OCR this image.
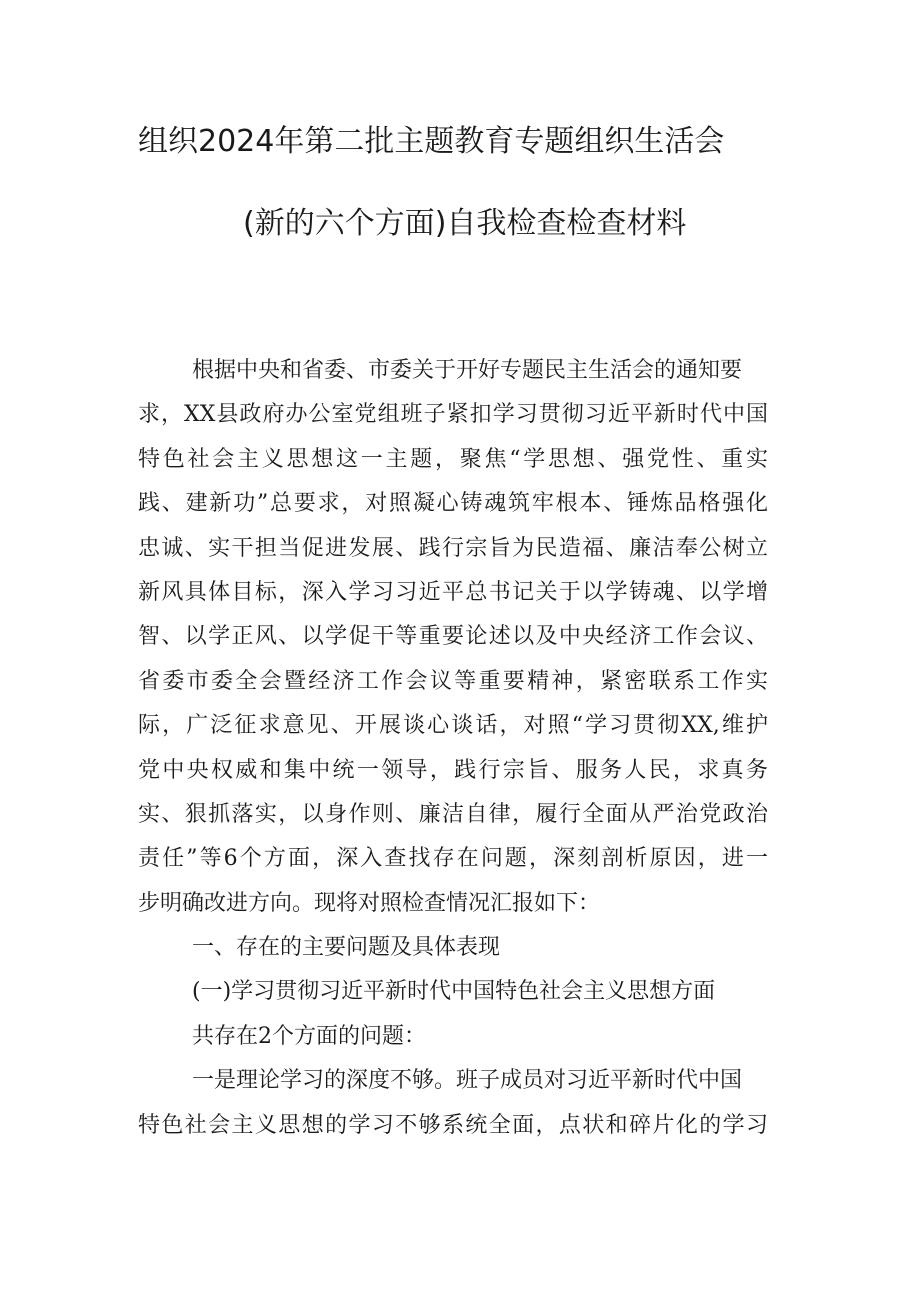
组织2024年第二批主题教育专题组织生活会
(新的六个方面)自我检查检查材料
根据中央和省委、市委关于开好专题民主生活会的通知要
求，XX县政府办公室党组班子紧扣学习贯彻习近平新时代中国
特色社会主义思想这一主题，聚焦“学思想、强党性、重实
践、建新功”总要求，对照凝心铸魂筑牢根本、锤炼品格强化
忠诚、实干担当促进发展、践行宗旨为民造福、廉洁奉公树立
新风具体目标，深入学习习近平总书记关于以学铸魂、以学增
智、以学正风、以学促干等重要论述以及中央经济工作会议、
省委市委全会暨经济工作会议等重要精神，紧密联系工作实
际，广泛征求意见、开展谈心谈话，对照“学习贯彻XX,维护
党中央权威和集中统一领导，践行宗旨、服务人民，求真务
实、狠抓落实，以身作则、廉洁自律，履行全面从严治党政治
责任”等6个方面，深入查找存在问题，深刻剖析原因，进一
步明确改进方向。现将对照检查情况汇报如下：
一、存在的主要问题及具体表现
(一)学习贯彻习近平新时代中国特色社会主义思想方面
共存在2个方面的问题：
一是理论学习的深度不够。班子成员对习近平新时代中国
特色社会主义思想的学习不够系统全面，点状和碎片化的学习
